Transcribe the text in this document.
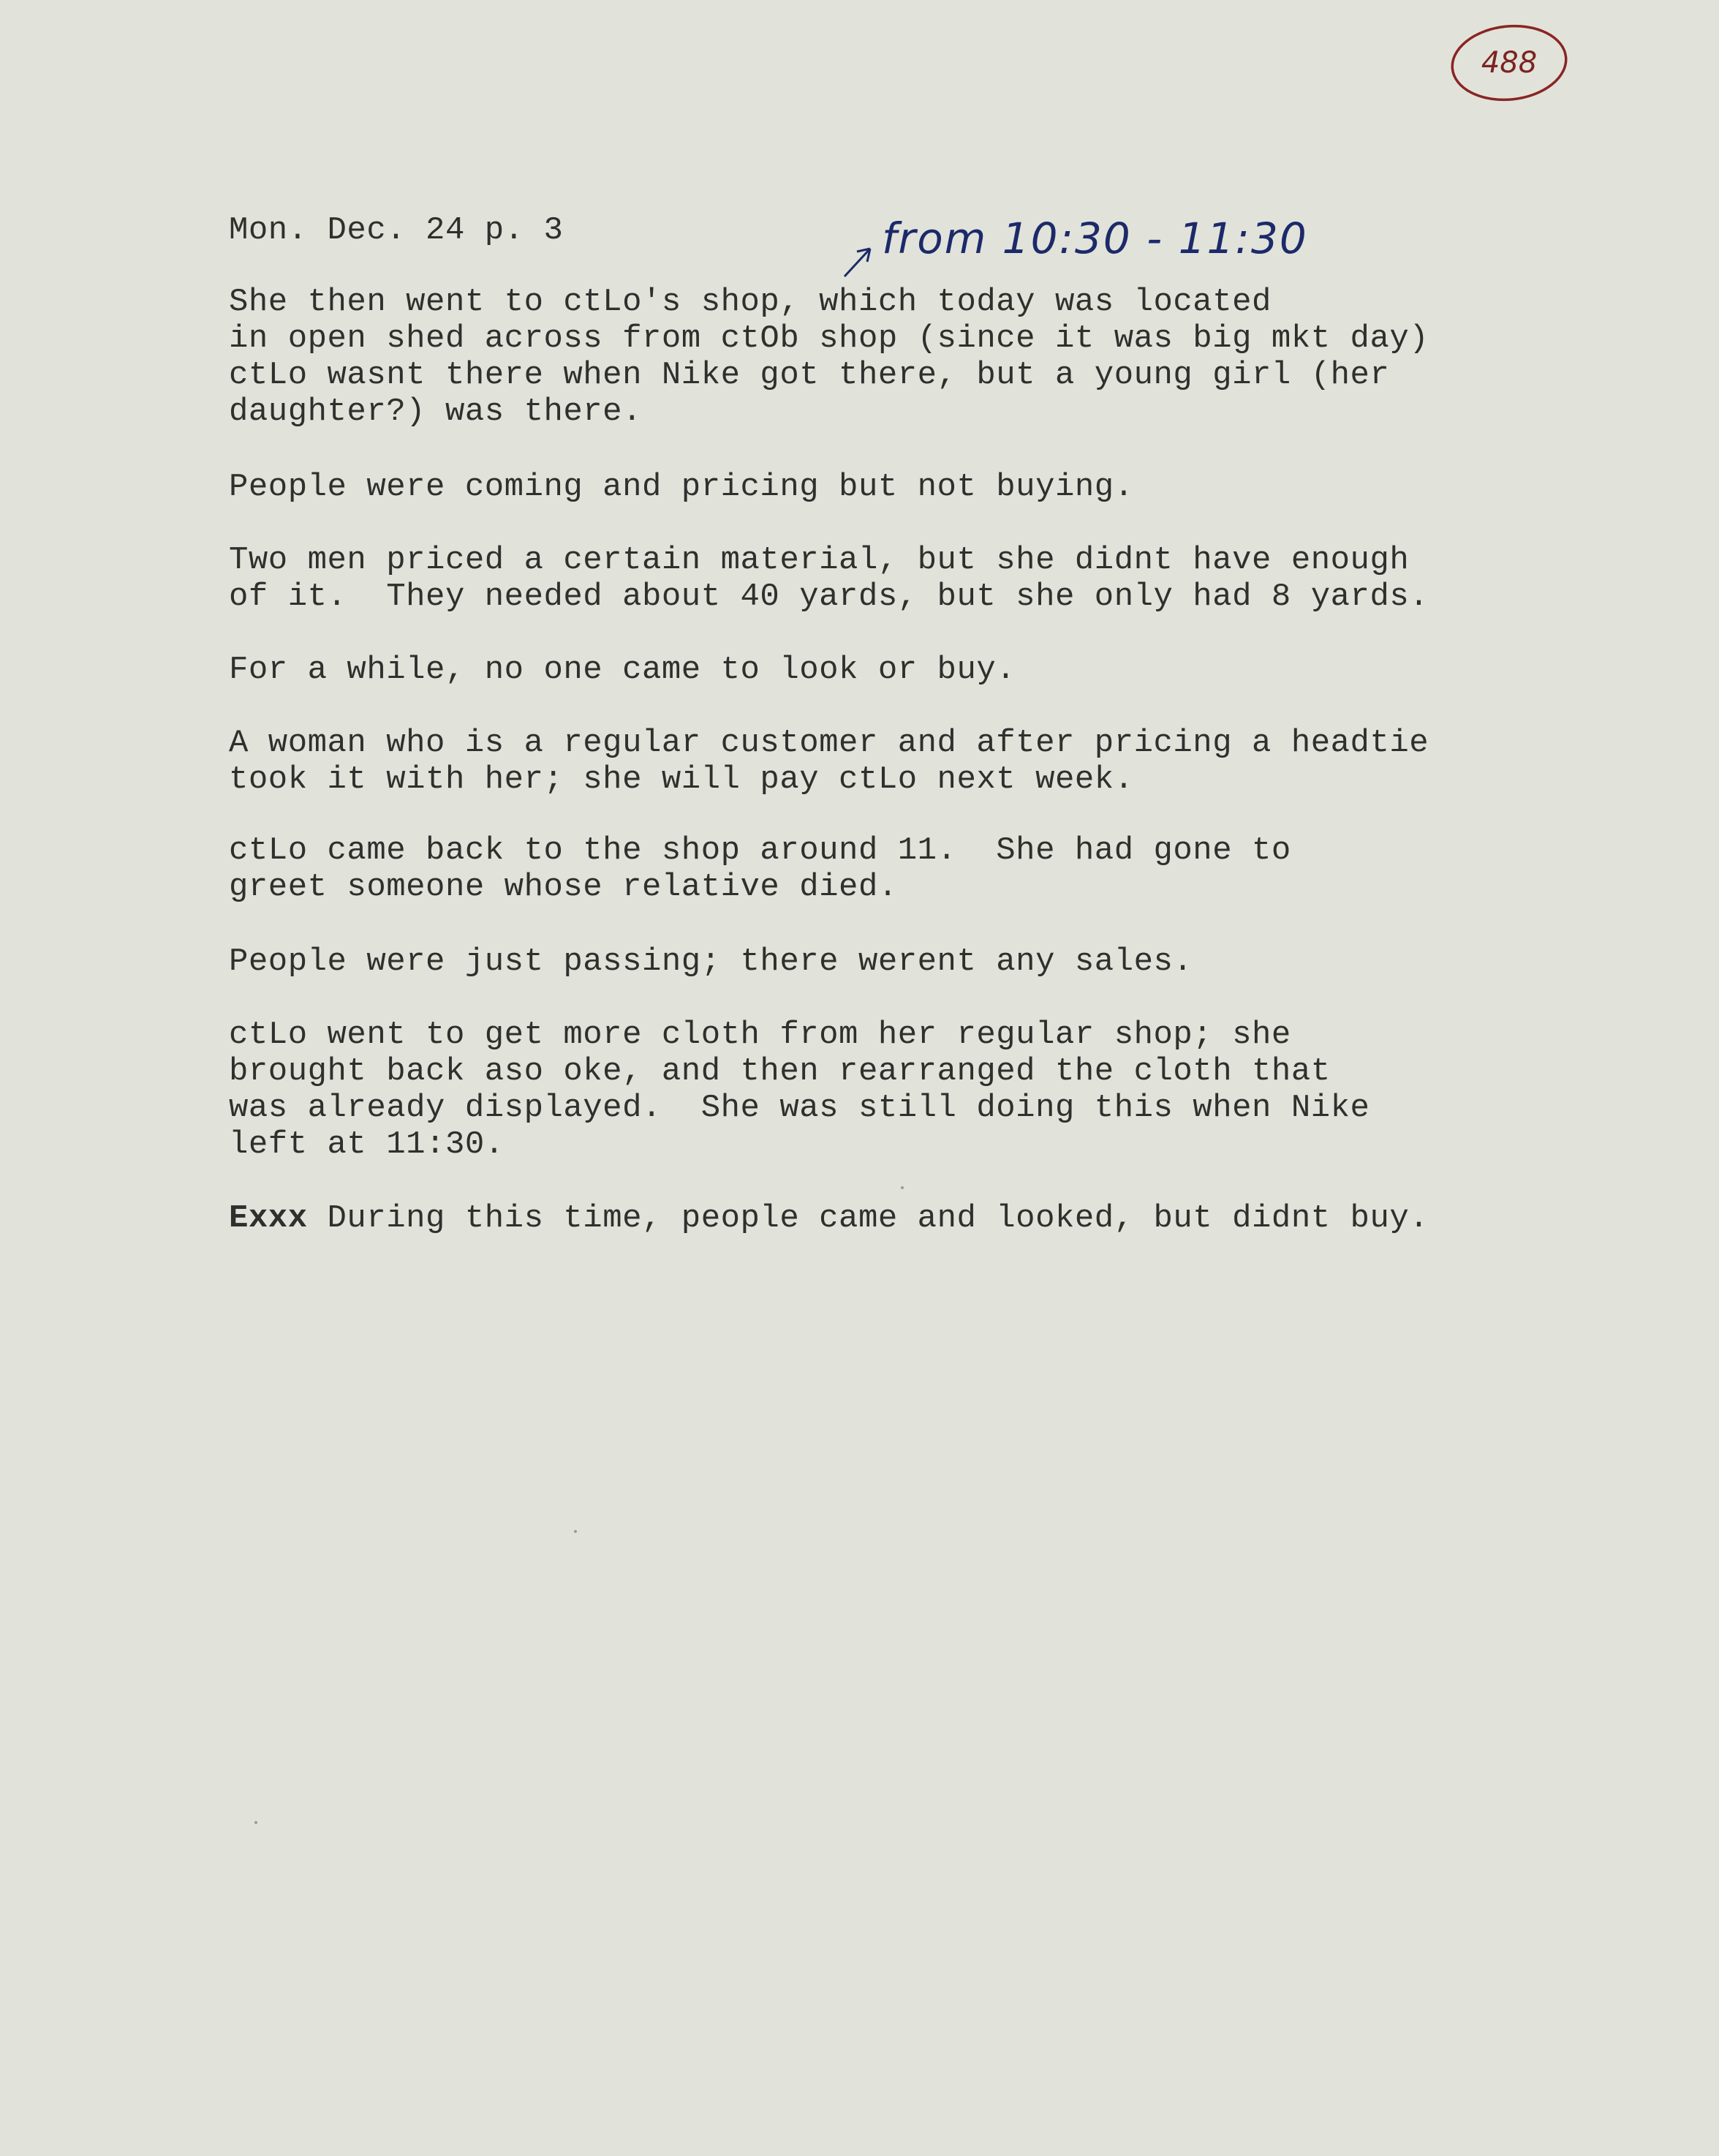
488
Mon. Dec. 24 p. 3	from 10:30 - 11:30
She then went to ctLo's shop, which today was located
in open shed across from ctOb shop (since it was big mkt day)
ctLo wasnt there when Nike got there, but a young girl (her
daughter?) was there.
People were coming and pricing but not buying.
Two men priced a certain material, but she didnt have enough
of it.  They needed about 40 yards, but she only had 8 yards.
For a while, no one came to look or buy.
A woman who is a regular customer and after pricing a headtie
took it with her; she will pay ctLo next week.
ctLo came back to the shop around 11.  She had gone to
greet someone whose relative died.
People were just passing; there werent any sales.
ctLo went to get more cloth from her regular shop; she
brought back aso oke, and then rearranged the cloth that
was already displayed.  She was still doing this when Nike
left at 11:30.
Exxx During this time, people came and looked, but didnt buy.
